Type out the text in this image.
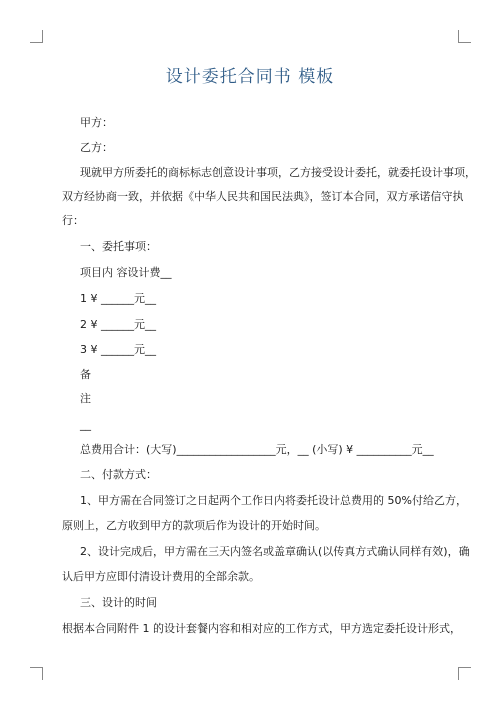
设计委托合同书 模板
甲方：
乙方：
现就甲方所委托的商标标志创意设计事项，乙方接受设计委托，就委托设计事项，
双方经协商一致，并依据《中华人民共和国民法典》，签订本合同，双方承诺信守执
行：
一、委托事项：
项目内 容设计费__
1 ¥ ______元__
2 ¥ ______元__
3 ¥ ______元__
备
注
__
总费用合计：(大写)__________________元，__ (小写) ¥ __________元__
二、付款方式：
1、甲方需在合同签订之日起两个工作日内将委托设计总费用的 50%付给乙方，
原则上，乙方收到甲方的款项后作为设计的开始时间。
2、设计完成后，甲方需在三天内签名或盖章确认(以传真方式确认同样有效)，确
认后甲方应即付清设计费用的全部余款。
三、设计的时间
根据本合同附件 1 的设计套餐内容和相对应的工作方式，甲方选定委托设计形式，
